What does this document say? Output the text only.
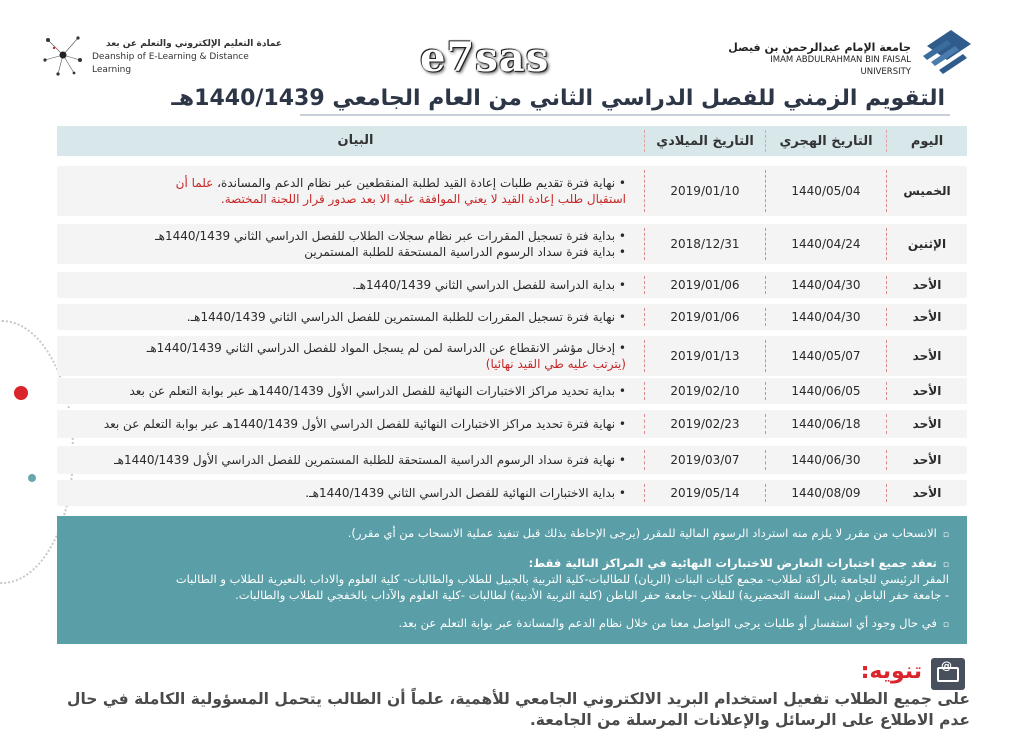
عمادة التعليم الإلكتروني والتعلم عن بعد
Deanship of E-Learning & Distance Learning	e7sas	جامعة الإمام عبدالرحمن بن فيصل
IMAM ABDULRAHMAN BIN FAISAL UNIVERSITY
التقويم الزمني للفصل الدراسي الثاني من العام الجامعي 1440/1439هـ
اليوم
التاريخ الهجري
التاريخ الميلادي
البيان
الخميس
1440/05/04
2019/01/10
• نهاية فترة تقديم طلبات إعادة القيد لطلبة المنقطعين عبر نظام الدعم والمساندة، علما أن
استقبال طلب إعادة القيد لا يعني الموافقة عليه الا بعد صدور قرار اللجنة المختصة.
الإثنين
1440/04/24
2018/12/31
• بداية فترة تسجيل المقررات عبر نظام سجلات الطلاب للفصل الدراسي الثاني 1440/1439هـ
• بداية فترة سداد الرسوم الدراسية المستحقة للطلبة المستمرين
الأحد
1440/04/30
2019/01/06
• بداية الدراسة للفصل الدراسي الثاني 1440/1439هـ.
الأحد
1440/04/30
2019/01/06
• نهاية فترة تسجيل المقررات للطلبة المستمرين للفصل الدراسي الثاني 1440/1439هـ.
الأحد
1440/05/07
2019/01/13
• إدخال مؤشر الانقطاع عن الدراسة لمن لم يسجل المواد للفصل الدراسي الثاني 1440/1439هـ
(يترتب عليه طي القيد نهائيا)
الأحد
1440/06/05
2019/02/10
• بداية تحديد مراكز الاختبارات النهائية للفصل الدراسي الأول 1440/1439هـ عبر بوابة التعلم عن بعد
الأحد
1440/06/18
2019/02/23
• نهاية فترة تحديد مراكز الاختبارات النهائية للفصل الدراسي الأول 1440/1439هـ عبر بوابة التعلم عن بعد
الأحد
1440/06/30
2019/03/07
• نهاية فترة سداد الرسوم الدراسية المستحقة للطلبة المستمرين للفصل الدراسي الأول 1440/1439هـ
الأحد
1440/08/09
2019/05/14
• بداية الاختبارات النهائية للفصل الدراسي الثاني 1440/1439هـ.
▫الانسحاب من مقرر لا يلزم منه استرداد الرسوم المالية للمقرر (يرجى الإحاطة بذلك قبل تنفيذ عملية الانسحاب من أي مقرر).
▫تعقد جميع اختبارات التعارض للاختبارات النهائية في المراكز التالية فقط:
المقر الرئيسي للجامعة بالراكة لطلاب- مجمع كليات البنات (الريان) للطالبات-كلية التربية بالجبيل للطلاب والطالبات- كلية العلوم والاداب بالنعيرية للطلاب و الطالبات
- جامعة حفر الباطن (مبنى السنة التحضيرية) للطلاب -جامعة حفر الباطن (كلية التربية الأدبية) لطالبات -كلية العلوم والآداب بالخفجي للطلاب والطالبات.
▫في حال وجود أي استفسار أو طلبات يرجى التواصل معنا من خلال نظام الدعم والمساندة عبر بوابة التعلم عن بعد.
@
تنويه:
على جميع الطلاب تفعيل استخدام البريد الالكتروني الجامعي للأهمية، علماً أن الطالب يتحمل المسؤولية الكاملة في حال عدم الاطلاع على الرسائل والإعلانات المرسلة من الجامعة.
